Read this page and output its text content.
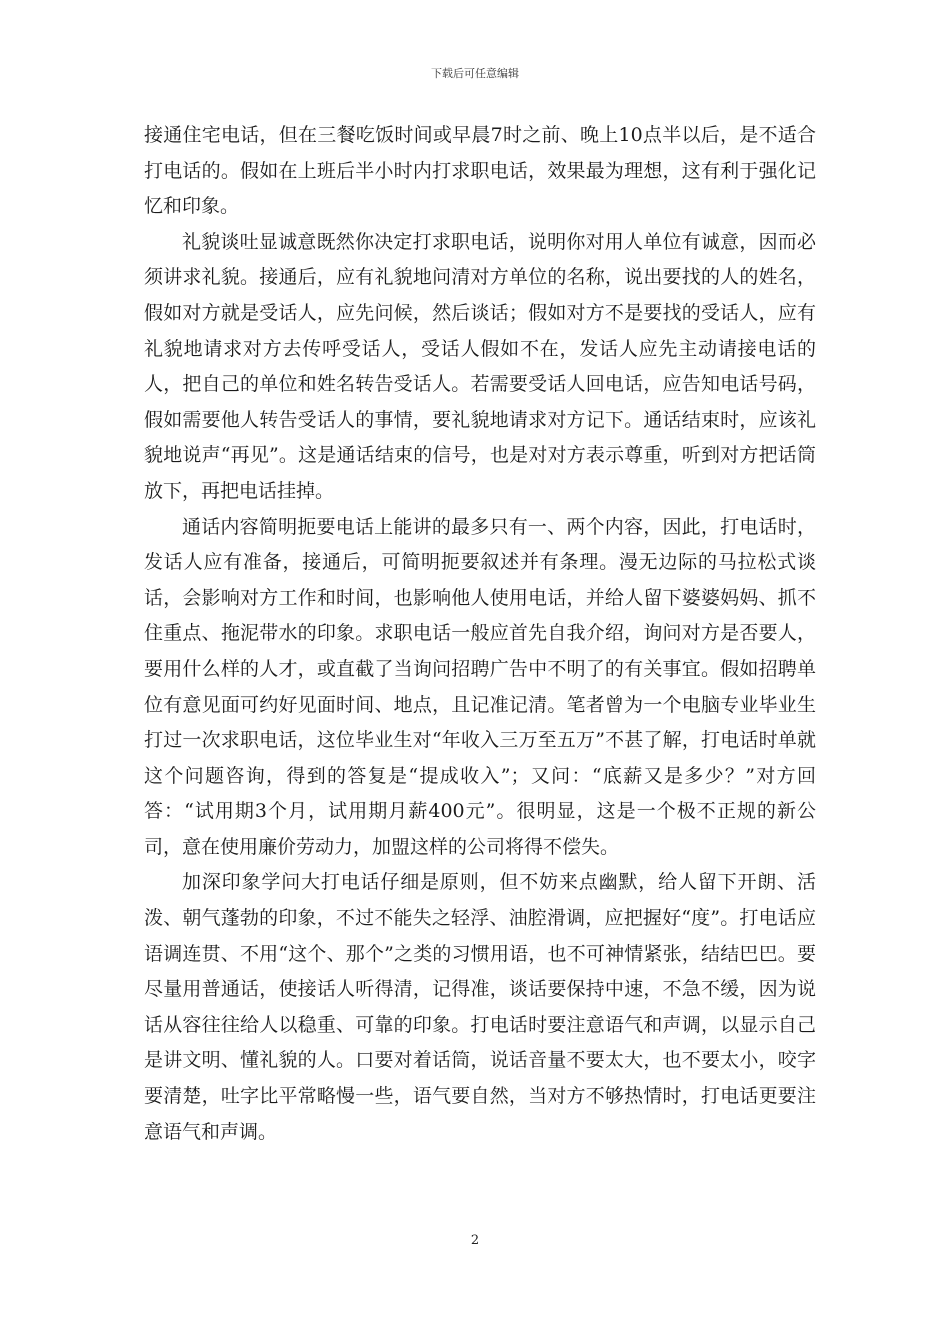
下载后可任意编辑

接通住宅电话，但在三餐吃饭时间或早晨7时之前、晚上10点半以后，是不适合打电话的。假如在上班后半小时内打求职电话，效果最为理想，这有利于强化记忆和印象。

礼貌谈吐显诚意既然你决定打求职电话，说明你对用人单位有诚意，因而必须讲求礼貌。接通后，应有礼貌地问清对方单位的名称，说出要找的人的姓名，假如对方就是受话人，应先问候，然后谈话；假如对方不是要找的受话人，应有礼貌地请求对方去传呼受话人，受话人假如不在，发话人应先主动请接电话的人，把自己的单位和姓名转告受话人。若需要受话人回电话，应告知电话号码，假如需要他人转告受话人的事情，要礼貌地请求对方记下。通话结束时，应该礼貌地说声“再见”。这是通话结束的信号，也是对对方表示尊重，听到对方把话筒放下，再把电话挂掉。

通话内容简明扼要电话上能讲的最多只有一、两个内容，因此，打电话时，发话人应有准备，接通后，可简明扼要叙述并有条理。漫无边际的马拉松式谈话，会影响对方工作和时间，也影响他人使用电话，并给人留下婆婆妈妈、抓不住重点、拖泥带水的印象。求职电话一般应首先自我介绍，询问对方是否要人，要用什么样的人才，或直截了当询问招聘广告中不明了的有关事宜。假如招聘单位有意见面可约好见面时间、地点，且记准记清。笔者曾为一个电脑专业毕业生打过一次求职电话，这位毕业生对“年收入三万至五万”不甚了解，打电话时单就这个问题咨询，得到的答复是“提成收入”；又问：“底薪又是多少？”对方回答：“试用期3个月，试用期月薪400元”。很明显，这是一个极不正规的新公司，意在使用廉价劳动力，加盟这样的公司将得不偿失。

加深印象学问大打电话仔细是原则，但不妨来点幽默，给人留下开朗、活泼、朝气蓬勃的印象，不过不能失之轻浮、油腔滑调，应把握好“度”。打电话应语调连贯、不用“这个、那个”之类的习惯用语，也不可神情紧张，结结巴巴。要尽量用普通话，使接话人听得清，记得准，谈话要保持中速，不急不缓，因为说话从容往往给人以稳重、可靠的印象。打电话时要注意语气和声调，以显示自己是讲文明、懂礼貌的人。口要对着话筒，说话音量不要太大，也不要太小，咬字要清楚，吐字比平常略慢一些，语气要自然，当对方不够热情时，打电话更要注意语气和声调。

2
